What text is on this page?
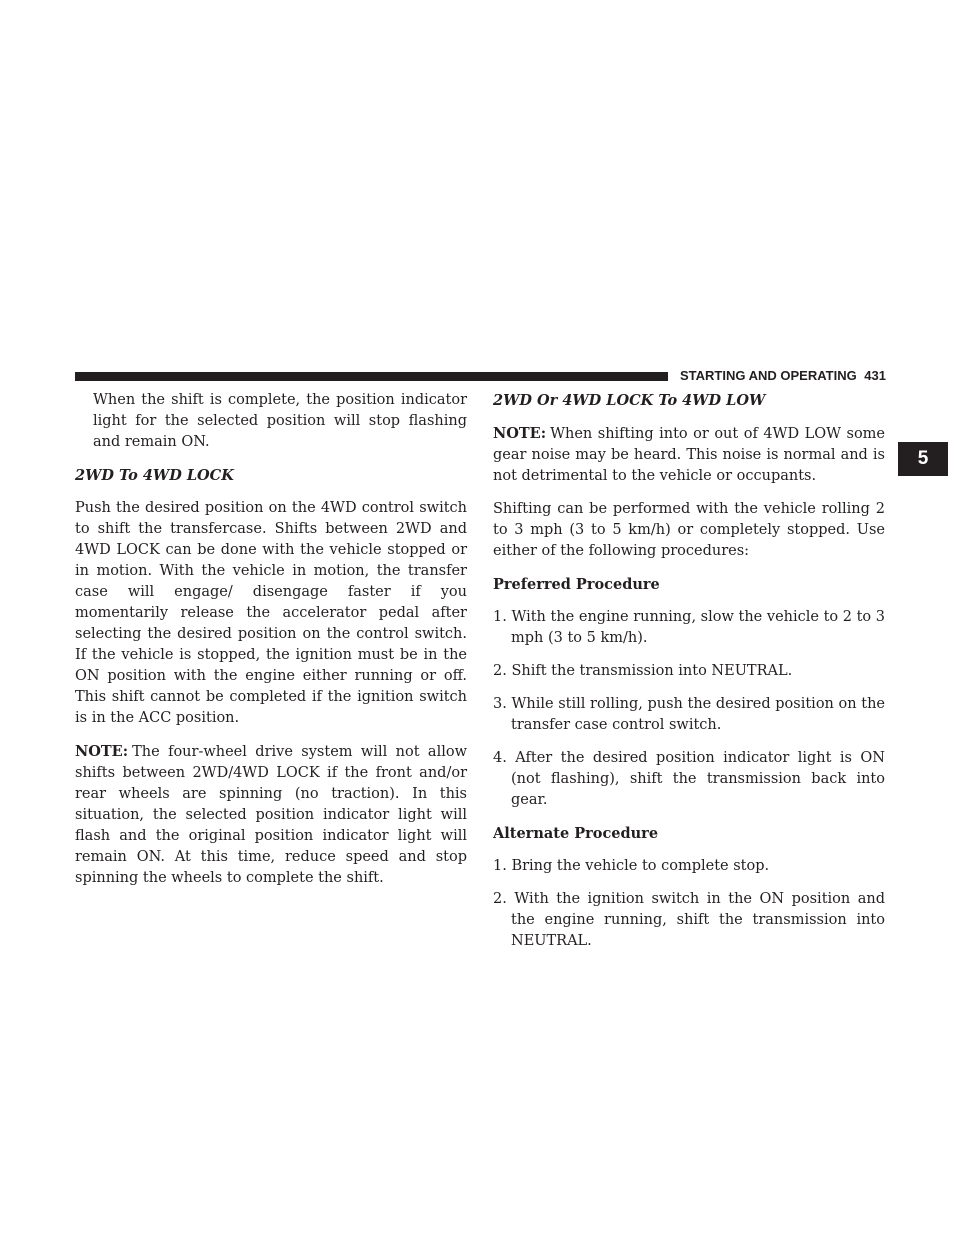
STARTING AND OPERATING 431
5

When the shift is complete, the position indicator light for the selected position will stop flashing and remain ON.

2WD To 4WD LOCK

Push the desired position on the 4WD control switch to shift the transfercase. Shifts between 2WD and 4WD LOCK can be done with the vehicle stopped or in motion. With the vehicle in motion, the transfer case will engage/ disengage faster if you momentarily release the accelerator pedal after selecting the desired position on the control switch. If the vehicle is stopped, the ignition must be in the ON position with the engine either running or off. This shift cannot be completed if the ignition switch is in the ACC position.

NOTE: The four-wheel drive system will not allow shifts between 2WD/4WD LOCK if the front and/or rear wheels are spinning (no traction). In this situation, the selected position indicator light will flash and the original position indicator light will remain ON. At this time, reduce speed and stop spinning the wheels to complete the shift.

2WD Or 4WD LOCK To 4WD LOW

NOTE: When shifting into or out of 4WD LOW some gear noise may be heard. This noise is normal and is not detrimental to the vehicle or occupants.

Shifting can be performed with the vehicle rolling 2 to 3 mph (3 to 5 km/h) or completely stopped. Use either of the following procedures:

Preferred Procedure

1. With the engine running, slow the vehicle to 2 to 3 mph (3 to 5 km/h).
2. Shift the transmission into NEUTRAL.
3. While still rolling, push the desired position on the transfer case control switch.
4. After the desired position indicator light is ON (not flashing), shift the transmission back into gear.

Alternate Procedure

1. Bring the vehicle to complete stop.
2. With the ignition switch in the ON position and the engine running, shift the transmission into NEUTRAL.
